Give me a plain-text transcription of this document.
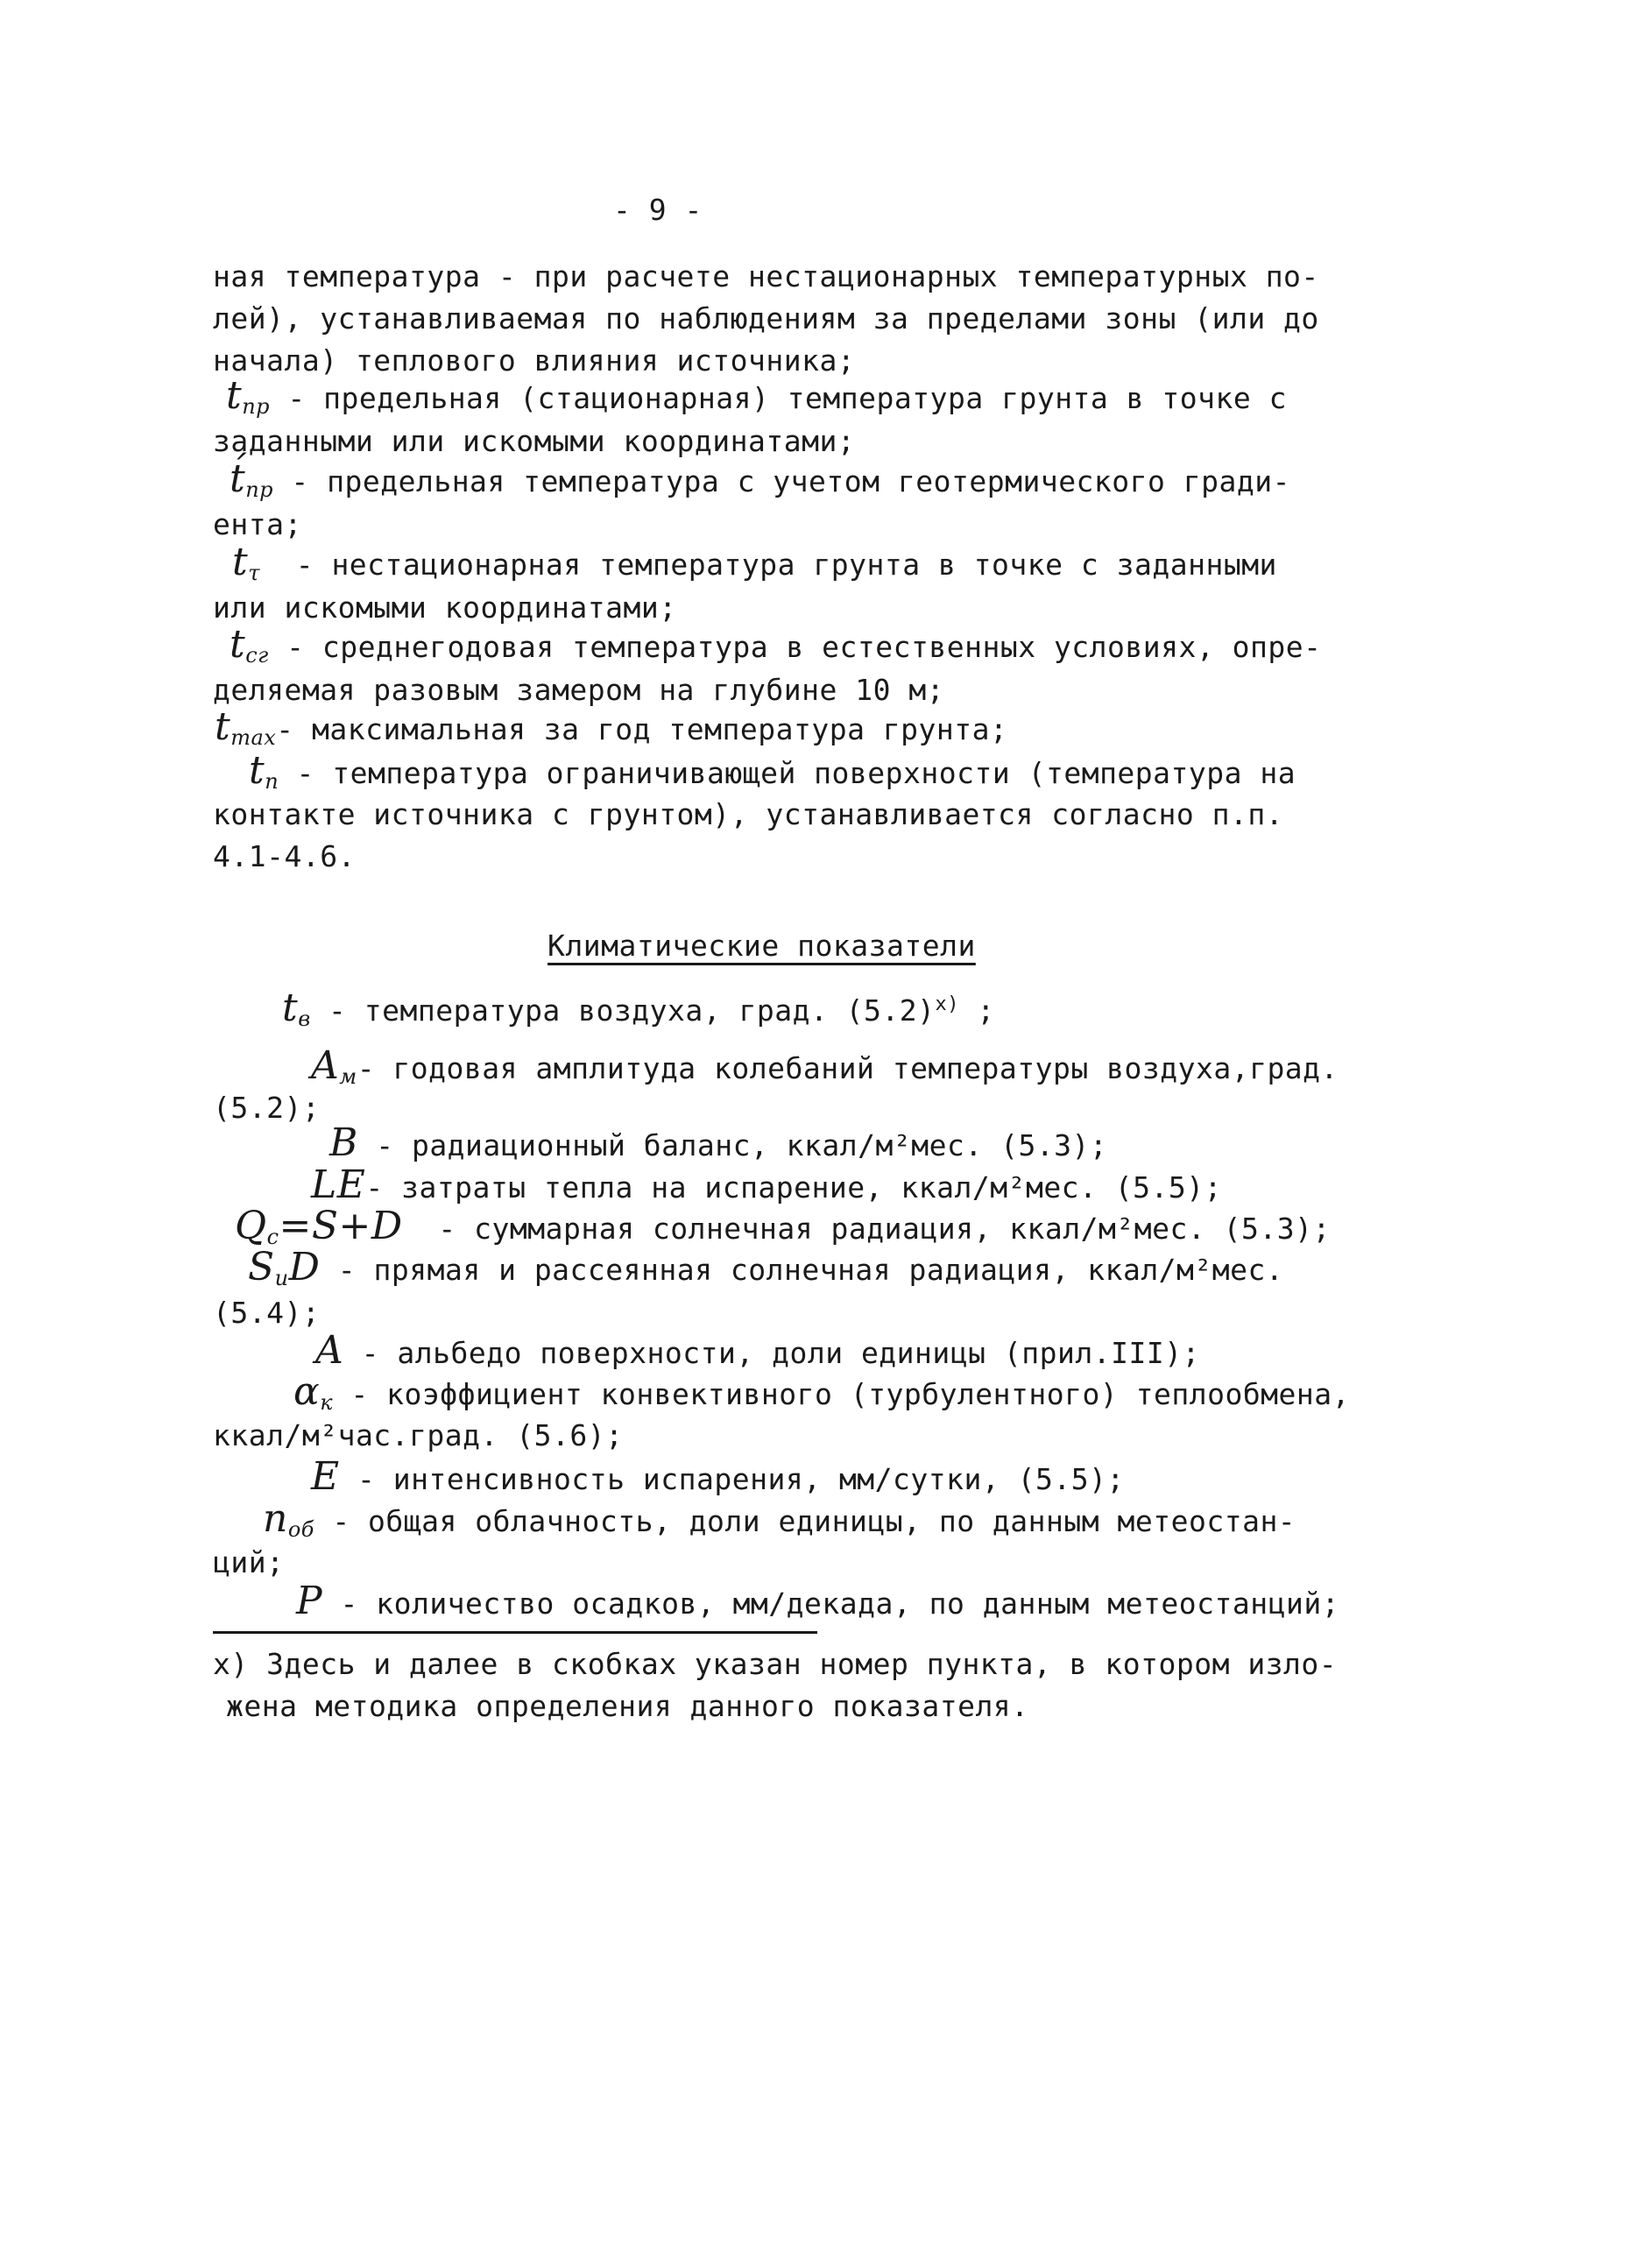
- 9 -
ная температура - при расчете нестационарных температурных по-
лей), устанавливаемая по наблюдениям за пределами зоны (или до
начала) теплового влияния источника;
$t_{пр}$ - предельная (стационарная) температура грунта в точке с
заданными или искомыми координатами;
$t́_{пр}$ - предельная температура с учетом геотермического гради-
ента;
$t_\tau$  - нестационарная температура грунта в точке с заданными
или искомыми координатами;
$t_{cг}$ - среднегодовая температура в естественных условиях, опре-
деляемая разовым замером на глубине 10 м;
$t_{max}-$ максимальная за год температура грунта;
$t_п$ - температура ограничивающей поверхности (температура на
контакте источника с грунтом), устанавливается согласно п.п.
4.1-4.6.
Климатические показатели
$t_в$ - температура воздуха, град. $(5.2)^{x)}$ ;
$A_м-$ годовая амплитуда колебаний температуры воздуха,град.
(5.2);
B - радиационный баланс, ккал/м²мес. (5.3);
LE- затраты тепла на испарение, ккал/м²мес. (5.5);
$Q_c=S+D$  - суммарная солнечная радиация, ккал/м²мес. (5.3);
$S_uD$ - прямая и рассеянная солнечная радиация, ккал/м²мес.
(5.4);
A - альбедо поверхности, доли единицы (прил.III);
$\alpha_к$ - коэффициент конвективного (турбулентного) теплообмена,
ккал/м²час.град. (5.6);
E - интенсивность испарения, мм/сутки, (5.5);
$n_{об}$ - общая облачность, доли единицы, по данным метеостан-
ций;
P - количество осадков, мм/декада, по данным метеостанций;
x) Здесь и далее в скобках указан номер пункта, в котором изло-
жена методика определения данного показателя.
